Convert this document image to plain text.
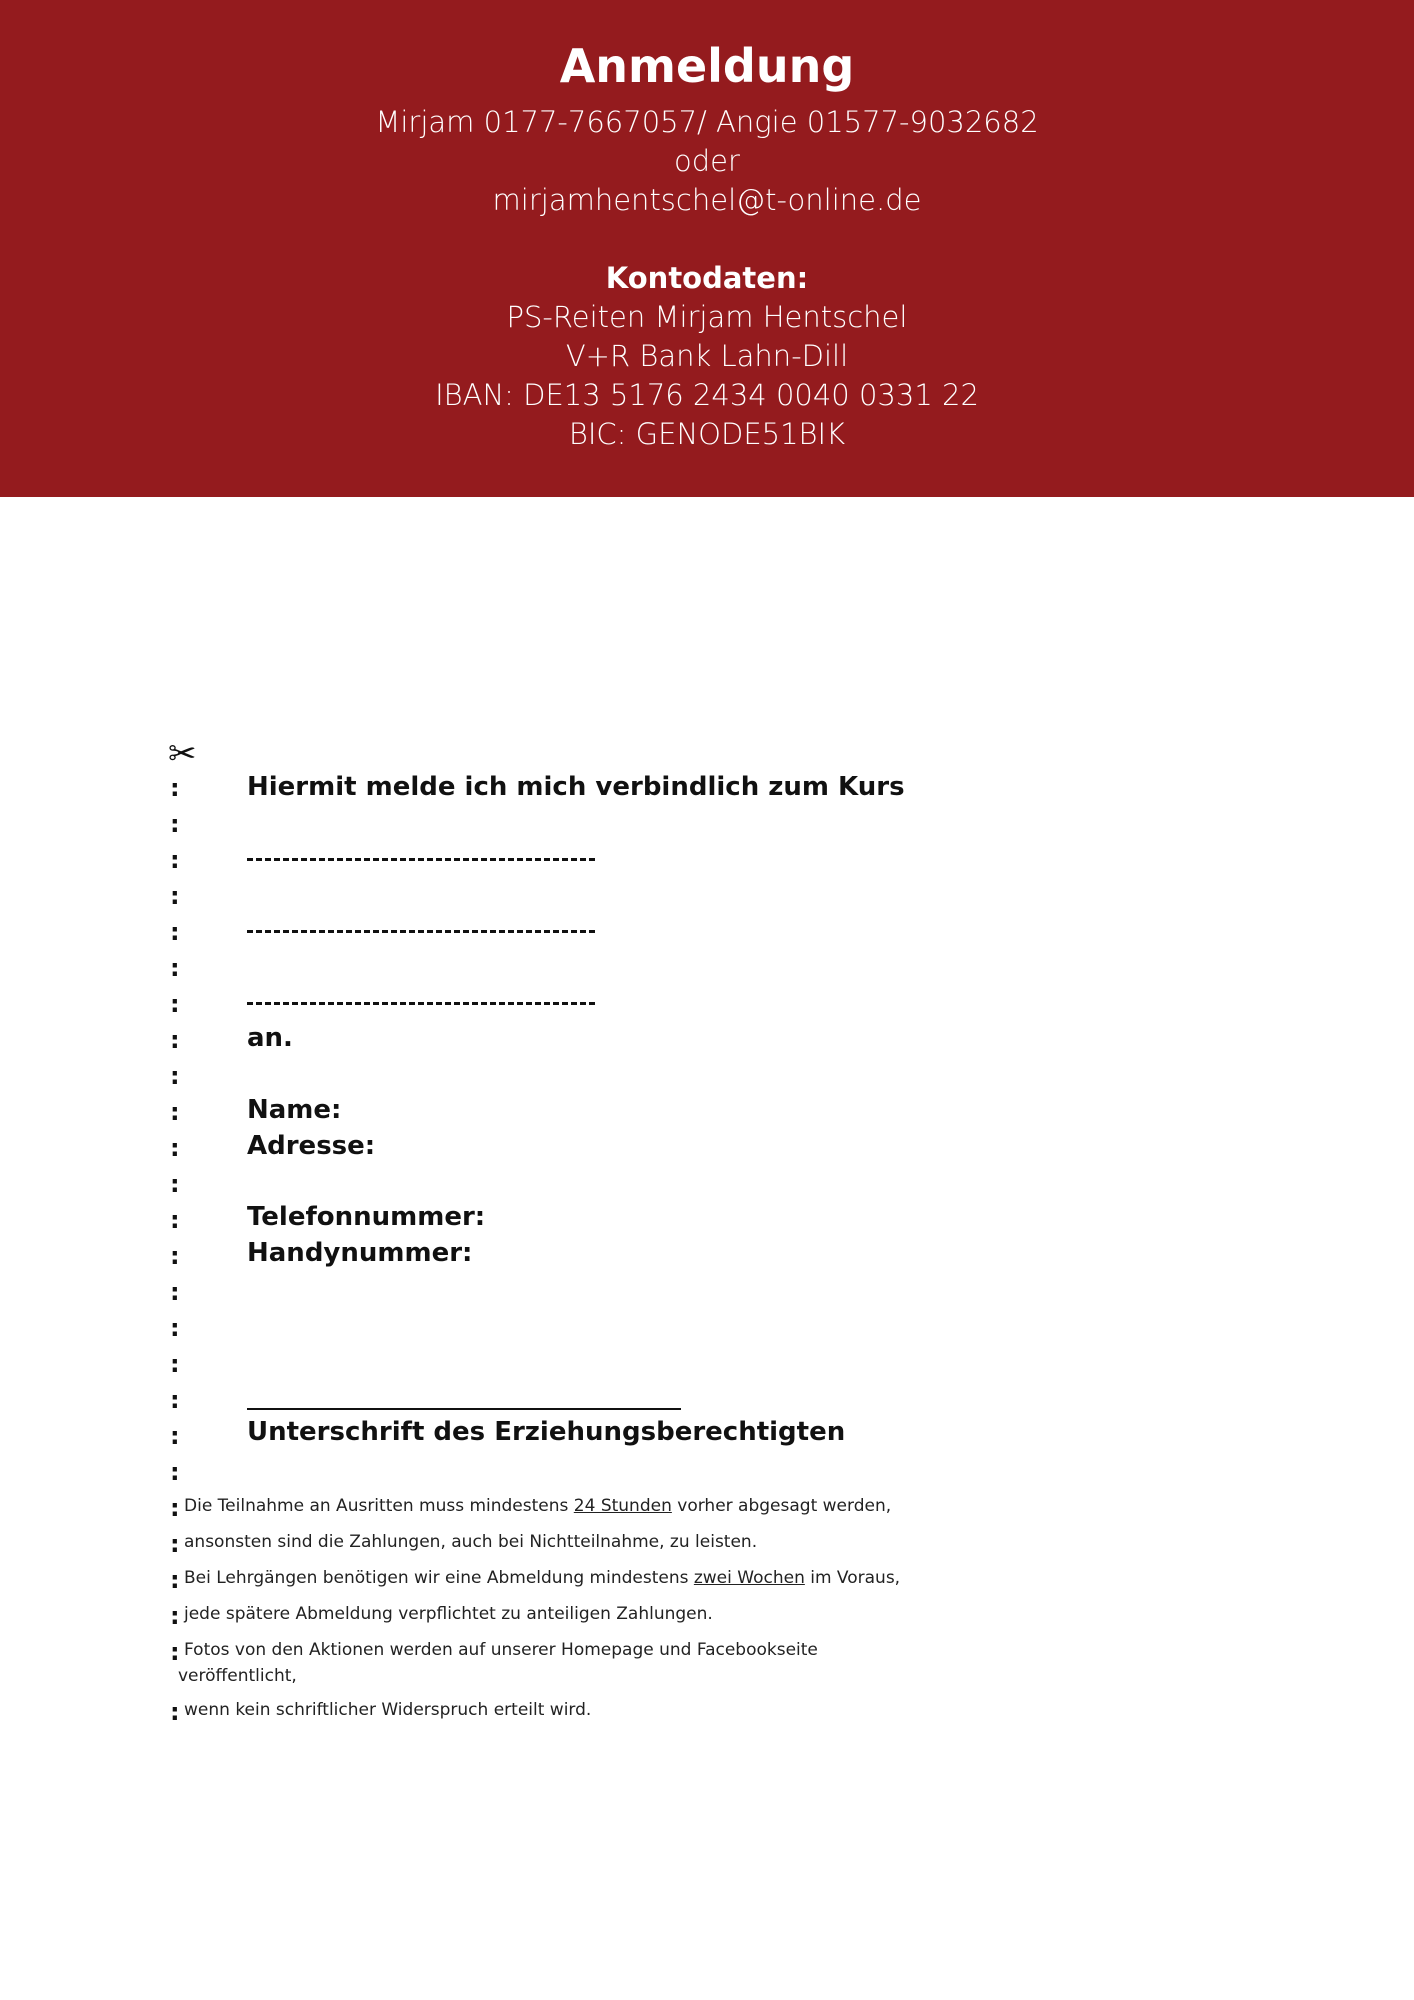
Anmeldung
Mirjam 0177-7667057/ Angie 01577-9032682
oder
mirjamhentschel@t-online.de
Kontodaten:
PS-Reiten Mirjam Hentschel
V+R Bank Lahn-Dill
IBAN: DE13 5176 2434 0040 0331 22
BIC: GENODE51BIK
✂
:
:
:
:
:
:
:
:
:
:
:
:
:
:
:
:
:
:
:
:
:
:
:
:
:
:
Hiermit melde ich mich verbindlich zum Kurs
an.
Name:
Adresse:
Telefonnummer:
Handynummer:
Unterschrift des Erziehungsberechtigten
Die Teilnahme an Ausritten muss mindestens 24 Stunden vorher abgesagt werden,
ansonsten sind die Zahlungen, auch bei Nichtteilnahme, zu leisten.
Bei Lehrgängen benötigen wir eine Abmeldung mindestens zwei Wochen im Voraus,
jede spätere Abmeldung verpflichtet zu anteiligen Zahlungen.
Fotos von den Aktionen werden auf unserer Homepage und Facebookseite
veröffentlicht,
wenn kein schriftlicher Widerspruch erteilt wird.
